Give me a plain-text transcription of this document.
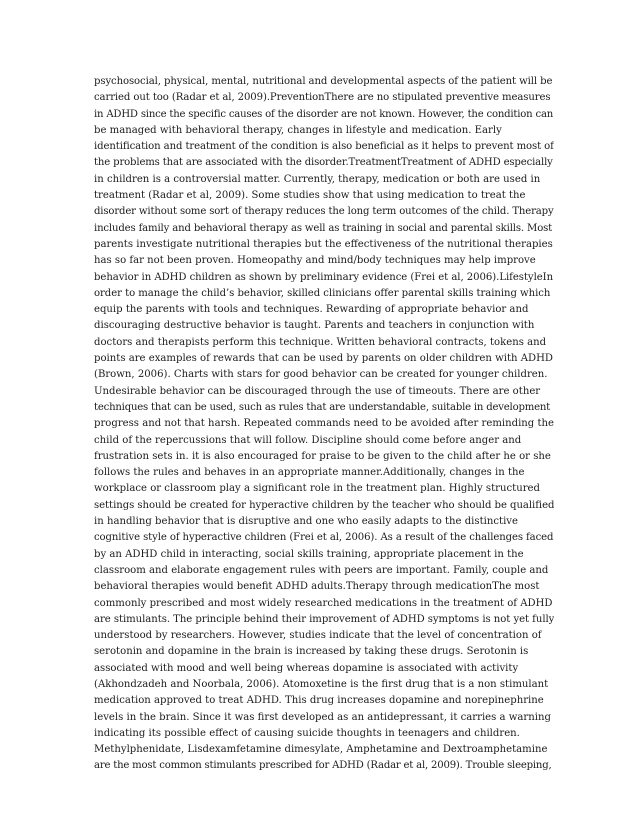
psychosocial, physical, mental, nutritional and developmental aspects of the patient will be
carried out too (Radar et al, 2009).PreventionThere are no stipulated preventive measures
in ADHD since the specific causes of the disorder are not known. However, the condition can
be managed with behavioral therapy, changes in lifestyle and medication. Early
identification and treatment of the condition is also beneficial as it helps to prevent most of
the problems that are associated with the disorder.TreatmentTreatment of ADHD especially
in children is a controversial matter. Currently, therapy, medication or both are used in
treatment (Radar et al, 2009). Some studies show that using medication to treat the
disorder without some sort of therapy reduces the long term outcomes of the child. Therapy
includes family and behavioral therapy as well as training in social and parental skills. Most
parents investigate nutritional therapies but the effectiveness of the nutritional therapies
has so far not been proven. Homeopathy and mind/body techniques may help improve
behavior in ADHD children as shown by preliminary evidence (Frei et al, 2006).LifestyleIn
order to manage the child’s behavior, skilled clinicians offer parental skills training which
equip the parents with tools and techniques. Rewarding of appropriate behavior and
discouraging destructive behavior is taught. Parents and teachers in conjunction with
doctors and therapists perform this technique. Written behavioral contracts, tokens and
points are examples of rewards that can be used by parents on older children with ADHD
(Brown, 2006). Charts with stars for good behavior can be created for younger children.
Undesirable behavior can be discouraged through the use of timeouts. There are other
techniques that can be used, such as rules that are understandable, suitable in development
progress and not that harsh. Repeated commands need to be avoided after reminding the
child of the repercussions that will follow. Discipline should come before anger and
frustration sets in. it is also encouraged for praise to be given to the child after he or she
follows the rules and behaves in an appropriate manner.Additionally, changes in the
workplace or classroom play a significant role in the treatment plan. Highly structured
settings should be created for hyperactive children by the teacher who should be qualified
in handling behavior that is disruptive and one who easily adapts to the distinctive
cognitive style of hyperactive children (Frei et al, 2006). As a result of the challenges faced
by an ADHD child in interacting, social skills training, appropriate placement in the
classroom and elaborate engagement rules with peers are important. Family, couple and
behavioral therapies would benefit ADHD adults.Therapy through medicationThe most
commonly prescribed and most widely researched medications in the treatment of ADHD
are stimulants. The principle behind their improvement of ADHD symptoms is not yet fully
understood by researchers. However, studies indicate that the level of concentration of
serotonin and dopamine in the brain is increased by taking these drugs. Serotonin is
associated with mood and well being whereas dopamine is associated with activity
(Akhondzadeh and Noorbala, 2006). Atomoxetine is the first drug that is a non stimulant
medication approved to treat ADHD. This drug increases dopamine and norepinephrine
levels in the brain. Since it was first developed as an antidepressant, it carries a warning
indicating its possible effect of causing suicide thoughts in teenagers and children.
Methylphenidate, Lisdexamfetamine dimesylate, Amphetamine and Dextroamphetamine
are the most common stimulants prescribed for ADHD (Radar et al, 2009). Trouble sleeping,
